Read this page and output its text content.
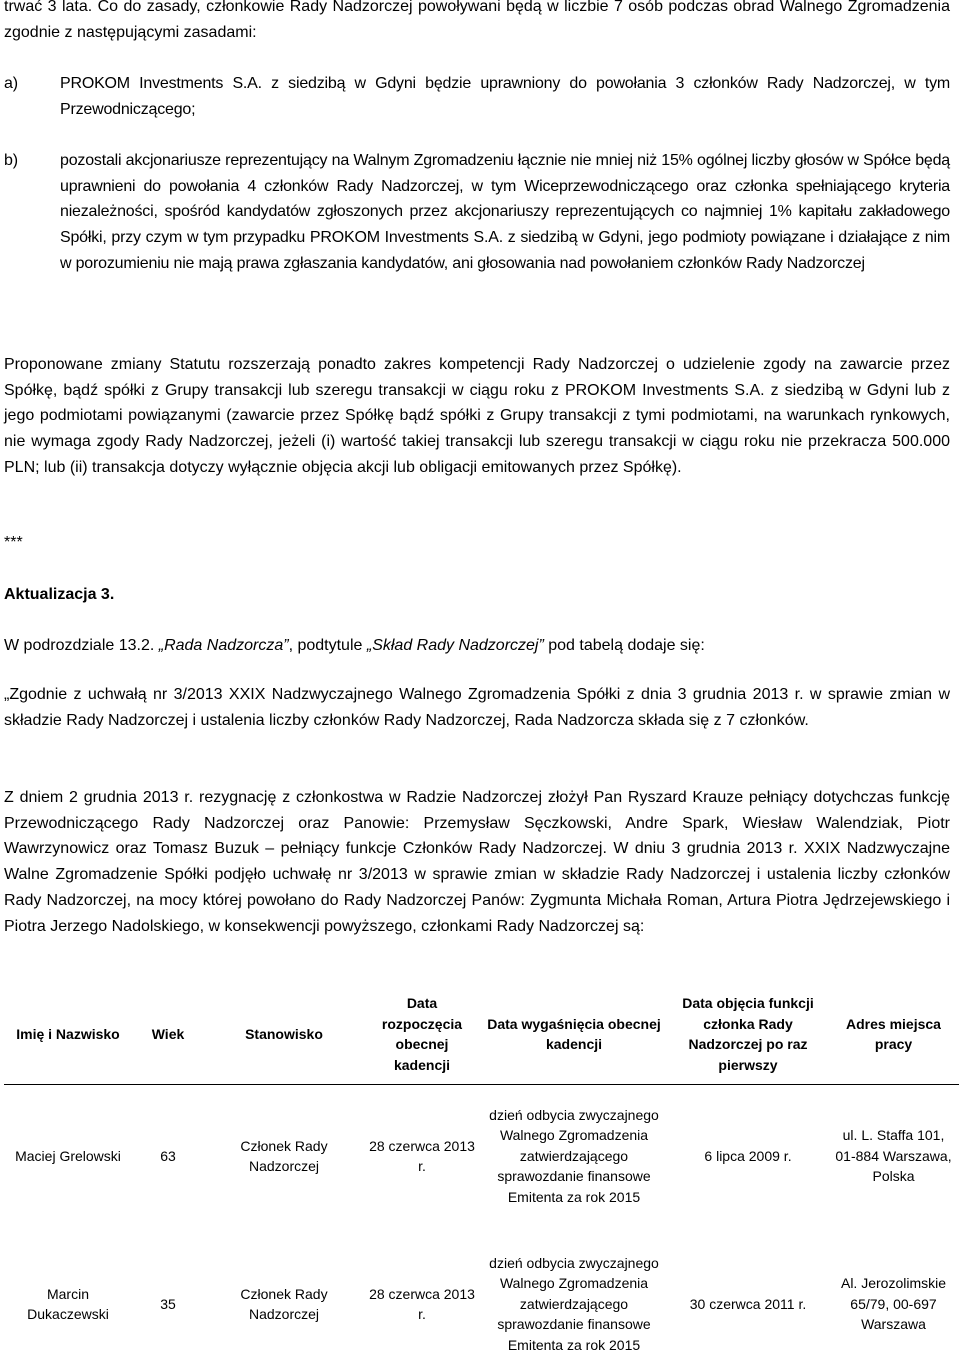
trwać 3 lata. Co do zasady, członkowie Rady Nadzorczej powoływani będą w liczbie 7 osób podczas obrad Walnego Zgromadzenia zgodnie z następującymi zasadami:

a)	PROKOM Investments S.A. z siedzibą w Gdyni będzie uprawniony do powołania 3 członków Rady Nadzorczej, w tym Przewodniczącego;
b)	pozostali akcjonariusze reprezentujący na Walnym Zgromadzeniu łącznie nie mniej niż 15% ogólnej liczby głosów w Spółce będą uprawnieni do powołania 4 członków Rady Nadzorczej, w tym Wiceprzewodniczącego oraz członka spełniającego kryteria niezależności, spośród kandydatów zgłoszonych przez akcjonariuszy reprezentujących co najmniej 1% kapitału zakładowego Spółki, przy czym w tym przypadku PROKOM Investments S.A. z siedzibą w Gdyni, jego podmioty powiązane i działające z nim w porozumieniu nie mają prawa zgłaszania kandydatów, ani głosowania nad powołaniem członków Rady Nadzorczej

Proponowane zmiany Statutu rozszerzają ponadto zakres kompetencji Rady Nadzorczej o udzielenie zgody na zawarcie przez Spółkę, bądź spółki z Grupy transakcji lub szeregu transakcji w ciągu roku z PROKOM Investments S.A. z siedzibą w Gdyni lub z jego podmiotami powiązanymi (zawarcie przez Spółkę bądź spółki z Grupy transakcji z tymi podmiotami, na warunkach rynkowych, nie wymaga zgody Rady Nadzorczej, jeżeli (i) wartość takiej transakcji lub szeregu transakcji w ciągu roku nie przekracza 500.000 PLN; lub (ii) transakcja dotyczy wyłącznie objęcia akcji lub obligacji emitowanych przez Spółkę).

***

Aktualizacja 3.

W podrozdziale 13.2. „Rada Nadzorcza”, podtytule „Skład Rady Nadzorczej” pod tabelą dodaje się:

„Zgodnie z uchwałą nr 3/2013 XXIX Nadzwyczajnego Walnego Zgromadzenia Spółki z dnia 3 grudnia 2013 r. w sprawie zmian w składzie Rady Nadzorczej i ustalenia liczby członków Rady Nadzorczej, Rada Nadzorcza składa się z 7 członków.

Z dniem 2 grudnia 2013 r. rezygnację z członkostwa w Radzie Nadzorczej złożył Pan Ryszard Krauze pełniący dotychczas funkcję Przewodniczącego Rady Nadzorczej oraz Panowie: Przemysław Sęczkowski, Andre Spark, Wiesław Walendziak, Piotr Wawrzynowicz oraz Tomasz Buzuk – pełniący funkcje Członków Rady Nadzorczej. W dniu 3 grudnia 2013 r. XXIX Nadzwyczajne Walne Zgromadzenie Spółki podjęło uchwałę nr 3/2013 w sprawie zmian w składzie Rady Nadzorczej i ustalenia liczby członków Rady Nadzorczej, na mocy której powołano do Rady Nadzorczej Panów: Zygmunta Michała Roman, Artura Piotra Jędrzejewskiego i Piotra Jerzego Nadolskiego, w konsekwencji powyższego, członkami Rady Nadzorczej są:

Imię i Nazwisko	Wiek	Stanowisko	Data rozpoczęcia obecnej kadencji	Data wygaśnięcia obecnej kadencji	Data objęcia funkcji członka Rady Nadzorczej po raz pierwszy	Adres miejsca pracy

Maciej Grelowski	63	Członek Rady Nadzorczej	28 czerwca 2013 r.	dzień odbycia zwyczajnego Walnego Zgromadzenia zatwierdzającego sprawozdanie finansowe Emitenta za rok 2015	6 lipca 2009 r.	ul. L. Staffa 101, 01-884 Warszawa, Polska

Marcin Dukaczewski	35	Członek Rady Nadzorczej	28 czerwca 2013 r.	dzień odbycia zwyczajnego Walnego Zgromadzenia zatwierdzającego sprawozdanie finansowe Emitenta za rok 2015	30 czerwca 2011 r.	Al. Jerozolimskie 65/79, 00-697 Warszawa
